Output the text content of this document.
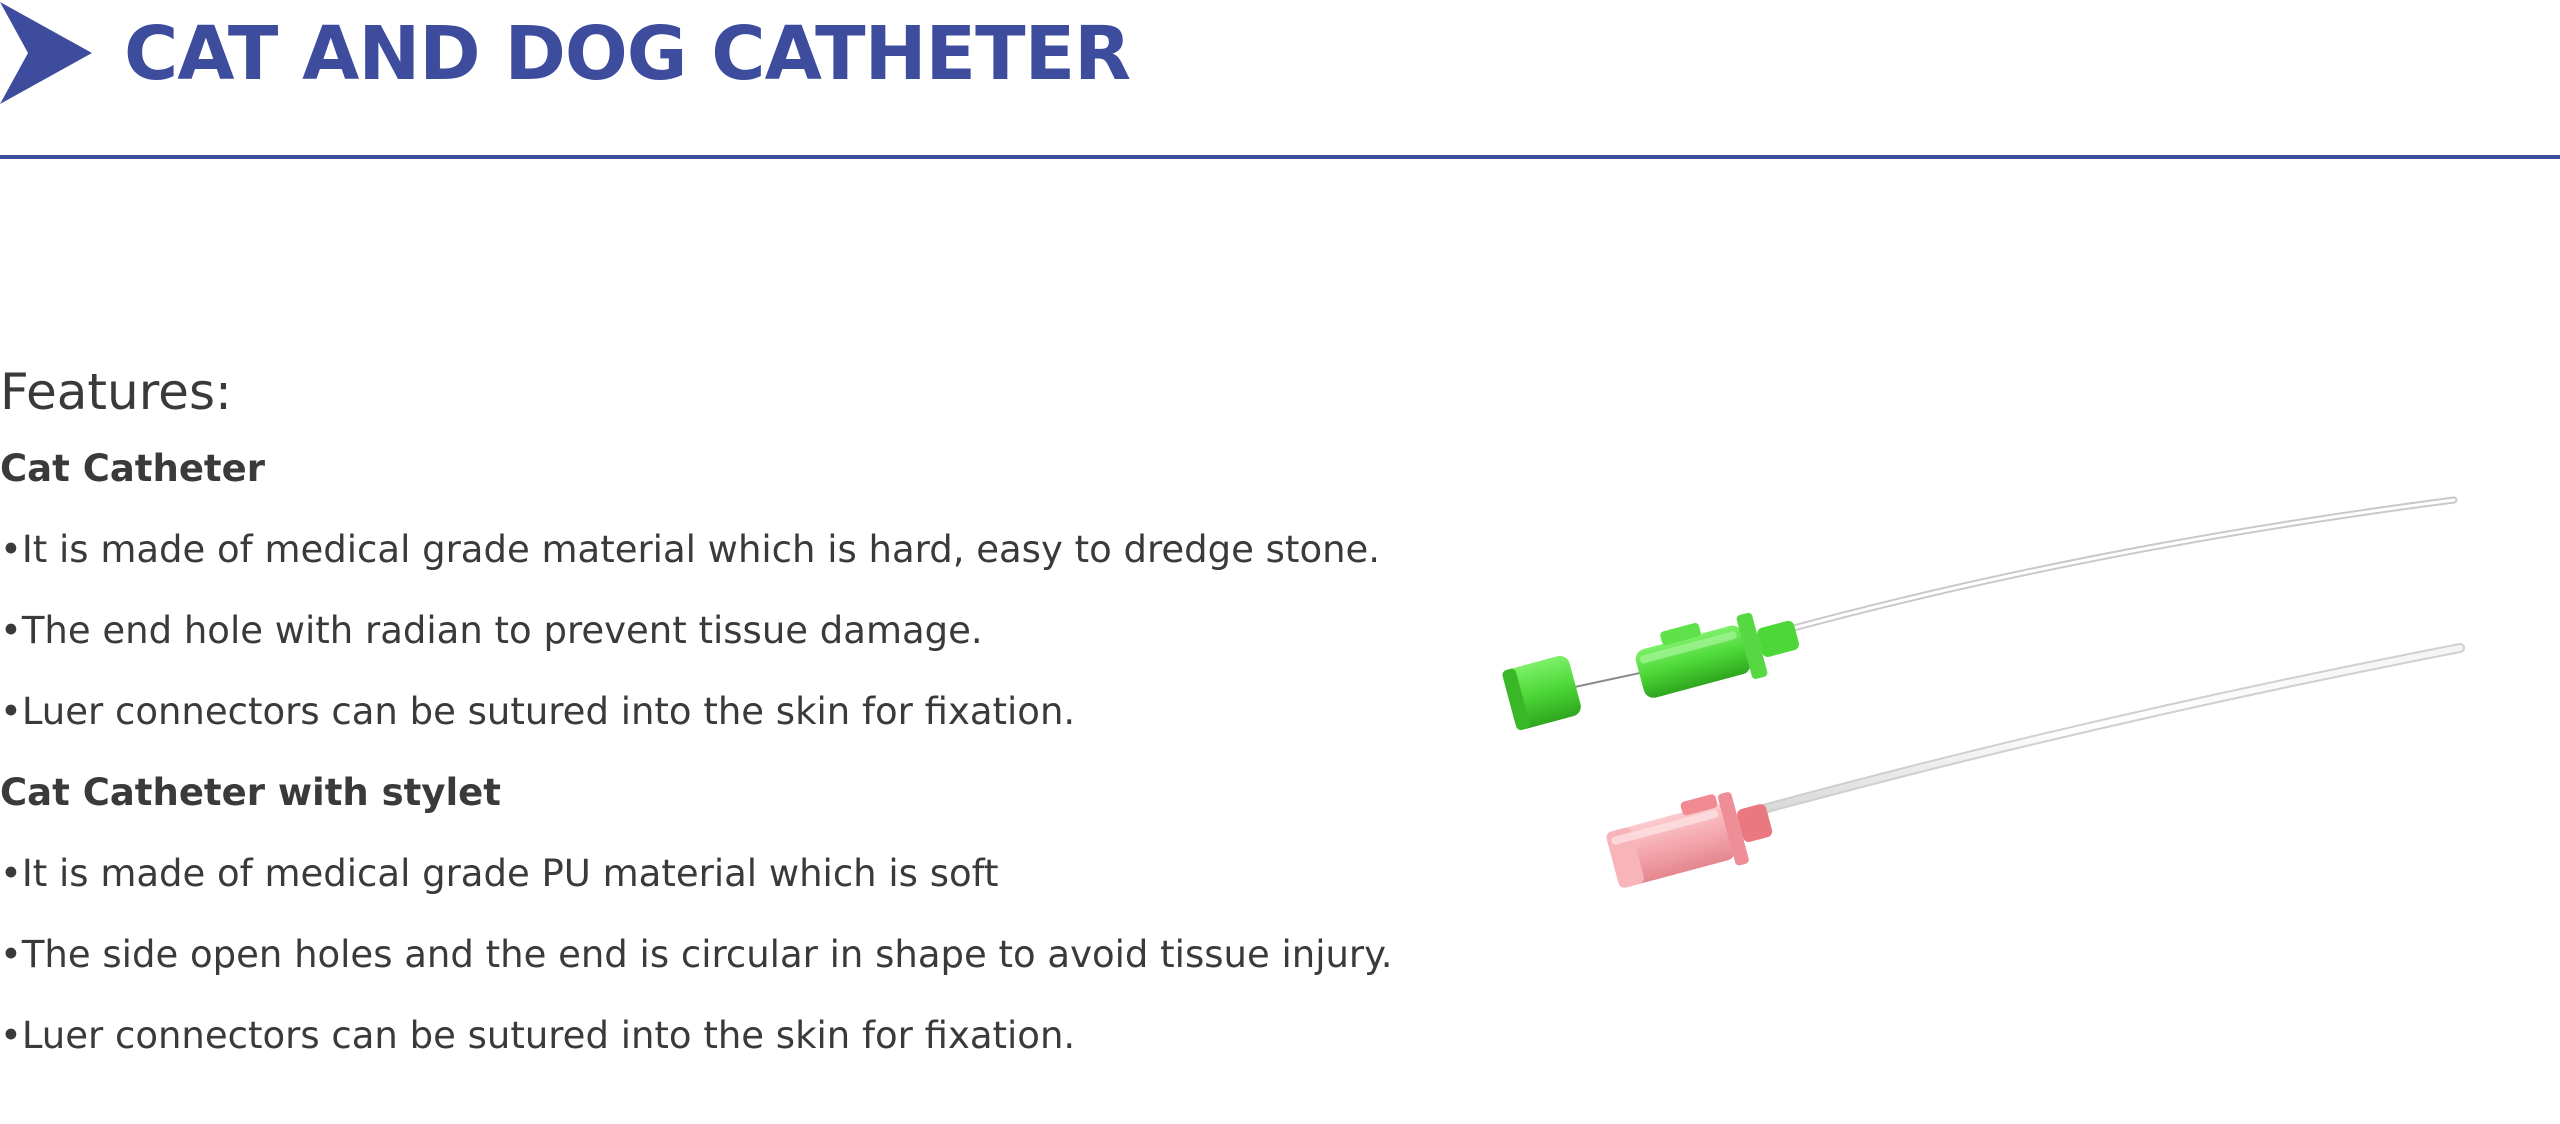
CAT AND DOG CATHETER
Features:
Cat Catheter
•It is made of medical grade material which is hard, easy to dredge stone.
•The end hole with radian to prevent tissue damage.
•Luer connectors can be sutured into the skin for fixation.
Cat Catheter with stylet
•It is made of medical grade PU material which is soft
•The side open holes and the end is circular in shape to avoid tissue injury.
•Luer connectors can be sutured into the skin for fixation.
